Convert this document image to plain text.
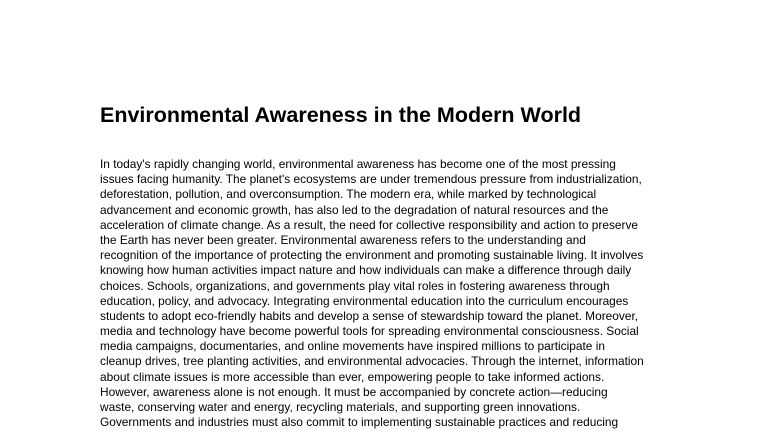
Environmental Awareness in the Modern World
In today's rapidly changing world, environmental awareness has become one of the most pressing
issues facing humanity. The planet's ecosystems are under tremendous pressure from industrialization,
deforestation, pollution, and overconsumption. The modern era, while marked by technological
advancement and economic growth, has also led to the degradation of natural resources and the
acceleration of climate change. As a result, the need for collective responsibility and action to preserve
the Earth has never been greater. Environmental awareness refers to the understanding and
recognition of the importance of protecting the environment and promoting sustainable living. It involves
knowing how human activities impact nature and how individuals can make a difference through daily
choices. Schools, organizations, and governments play vital roles in fostering awareness through
education, policy, and advocacy. Integrating environmental education into the curriculum encourages
students to adopt eco-friendly habits and develop a sense of stewardship toward the planet. Moreover,
media and technology have become powerful tools for spreading environmental consciousness. Social
media campaigns, documentaries, and online movements have inspired millions to participate in
cleanup drives, tree planting activities, and environmental advocacies. Through the internet, information
about climate issues is more accessible than ever, empowering people to take informed actions.
However, awareness alone is not enough. It must be accompanied by concrete action—reducing
waste, conserving water and energy, recycling materials, and supporting green innovations.
Governments and industries must also commit to implementing sustainable practices and reducing
